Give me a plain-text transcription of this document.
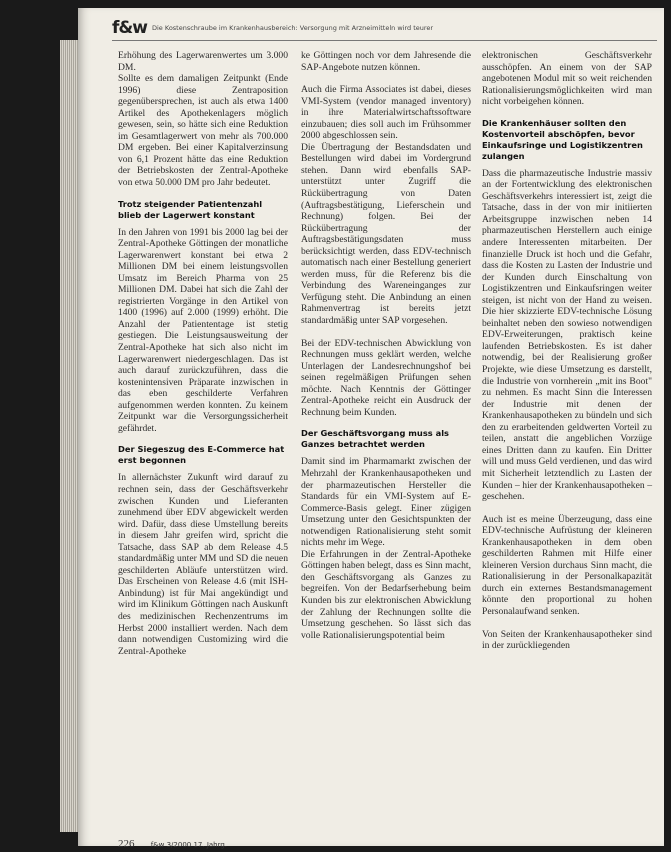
f&w Die Kostenschraube im Krankenhausbereich: Versorgung mit Arzneimitteln wird teurer

Erhöhung des Lagerwarenwertes um 3.000 DM.

Sollte es dem damaligen Zeitpunkt (Ende 1996) diese Zentraposition gegenübersprechen, ist auch als etwa 1400 Artikel des Apothekenlagers möglich gewesen, sein, so hätte sich eine Reduktion im Gesamtlagerwert von mehr als 700.000 DM ergeben. Bei einer Kapitalverzinsung von 6,1 Prozent hätte das eine Reduktion der Betriebskosten der Zentral-Apotheke von etwa 50.000 DM pro Jahr bedeutet.

Trotz steigender Patientenzahl blieb der Lagerwert konstant

In den Jahren von 1991 bis 2000 lag bei der Zentral-Apotheke Göttingen der monatliche Lagerwarenwert konstant bei etwa 2 Millionen DM bei einem leistungsvollen Umsatz im Bereich Pharma von 25 Millionen DM. Dabei hat sich die Zahl der registrierten Vorgänge in den Artikel von 1400 (1996) auf 2.000 (1999) erhöht. Die Anzahl der Patiententage ist stetig gestiegen. Die Leistungsausweitung der Zentral-Apotheke hat sich also nicht im Lagerwarenwert niedergeschlagen. Das ist auch darauf zurückzuführen, dass die kostenintensiven Präparate inzwischen in das eben geschilderte Verfahren aufgenommen werden konnten. Zu keinem Zeitpunkt war die Versorgungssicherheit gefährdet.

Der Siegeszug des E-Commerce hat erst begonnen

In allernächster Zukunft wird darauf zu rechnen sein, dass der Geschäftsverkehr zwischen Kunden und Lieferanten zunehmend über EDV abgewickelt werden wird. Dafür, dass diese Umstellung bereits in diesem Jahr greifen wird, spricht die Tatsache, dass SAP ab dem Release 4.5 standardmäßig unter MM und SD die neuen geschilderten Abläufe unterstützen wird. Das Erscheinen von Release 4.6 (mit ISH-Anbindung) ist für Mai angekündigt und wird im Klinikum Göttingen nach Auskunft des medizinischen Rechenzentrums im Herbst 2000 installiert werden. Nach dem dann notwendigen Customizing wird die Zentral-Apotheke

ke Göttingen noch vor dem Jahresende die SAP-Angebote nutzen können.

Auch die Firma Associates ist dabei, dieses VMI-System (vendor managed inventory) in ihre Materialwirtschaftssoftware einzubauen; dies soll auch im Frühsommer 2000 abgeschlossen sein.

Die Übertragung der Bestandsdaten und Bestellungen wird dabei im Vordergrund stehen. Dann wird ebenfalls SAP-unterstützt unter Zugriff die Rückübertragung von Daten (Auftragsbestätigung, Lieferschein und Rechnung) folgen. Bei der Rückübertragung der Auftragsbestätigungsdaten muss berücksichtigt werden, dass EDV-technisch automatisch nach einer Bestellung generiert werden muss, für die Referenz bis die Verbindung des Wareneinganges zur Verfügung steht. Die Anbindung an einen Rahmenvertrag ist bereits jetzt standardmäßig unter SAP vorgesehen.

Bei der EDV-technischen Abwicklung von Rechnungen muss geklärt werden, welche Unterlagen der Landesrechnungshof bei seinen regelmäßigen Prüfungen sehen möchte. Nach Kenntnis der Göttinger Zentral-Apotheke reicht ein Ausdruck der Rechnung beim Kunden.

Der Geschäftsvorgang muss als Ganzes betrachtet werden

Damit sind im Pharmamarkt zwischen der Mehrzahl der Krankenhausapotheken und der pharmazeutischen Hersteller die Standards für ein VMI-System auf E-Commerce-Basis gelegt. Einer zügigen Umsetzung unter den Gesichtspunkten der notwendigen Rationalisierung steht somit nichts mehr im Wege.

Die Erfahrungen in der Zentral-Apotheke Göttingen haben belegt, dass es Sinn macht, den Geschäftsvorgang als Ganzes zu begreifen. Von der Bedarfserhebung beim Kunden bis zur elektronischen Abwicklung der Zahlung der Rechnungen sollte die Umsetzung geschehen. So lässt sich das volle Rationalisierungspotential beim

elektronischen Geschäftsverkehr ausschöpfen. An einem von der SAP angebotenen Modul mit so weit reichenden Rationalisierungsmöglichkeiten wird man nicht vorbeigehen können.

Die Krankenhäuser sollten den Kostenvorteil abschöpfen, bevor Einkaufsringe und Logistikzentren zulangen

Dass die pharmazeutische Industrie massiv an der Fortentwicklung des elektronischen Geschäftsverkehrs interessiert ist, zeigt die Tatsache, dass in der von mir initiierten Arbeitsgruppe inzwischen neben 14 pharmazeutischen Herstellern auch einige andere Interessenten mitarbeiten. Der finanzielle Druck ist hoch und die Gefahr, dass die Kosten zu Lasten der Industrie und der Kunden durch Einschaltung von Logistikzentren und Einkaufsringen weiter steigen, ist nicht von der Hand zu weisen. Die hier skizzierte EDV-technische Lösung beinhaltet neben den sowieso notwendigen EDV-Erweiterungen, praktisch keine laufenden Betriebskosten. Es ist daher notwendig, bei der Realisierung großer Projekte, wie diese Umsetzung es darstellt, die Industrie von vornherein „mit ins Boot" zu nehmen. Es macht Sinn die Interessen der Industrie mit denen der Krankenhausapotheken zu bündeln und sich den zu erarbeitenden geldwerten Vorteil zu teilen, anstatt die angeblichen Vorzüge eines Dritten dann zu kaufen. Ein Dritter will und muss Geld verdienen, und das wird mit Sicherheit letztendlich zu Lasten der Kunden – hier der Krankenhausapotheken – geschehen.

Auch ist es meine Überzeugung, dass eine EDV-technische Aufrüstung der kleineren Krankenhausapotheken in dem oben geschilderten Rahmen mit Hilfe einer kleineren Version durchaus Sinn macht, die Rationalisierung in der Personalkapazität durch ein externes Bestandsmanagement könnte den proportional zu hohen Personalaufwand senken.

Von Seiten der Krankenhausapotheker sind in der zurückliegenden

226 f&w 3/2000 17. Jahrg.
